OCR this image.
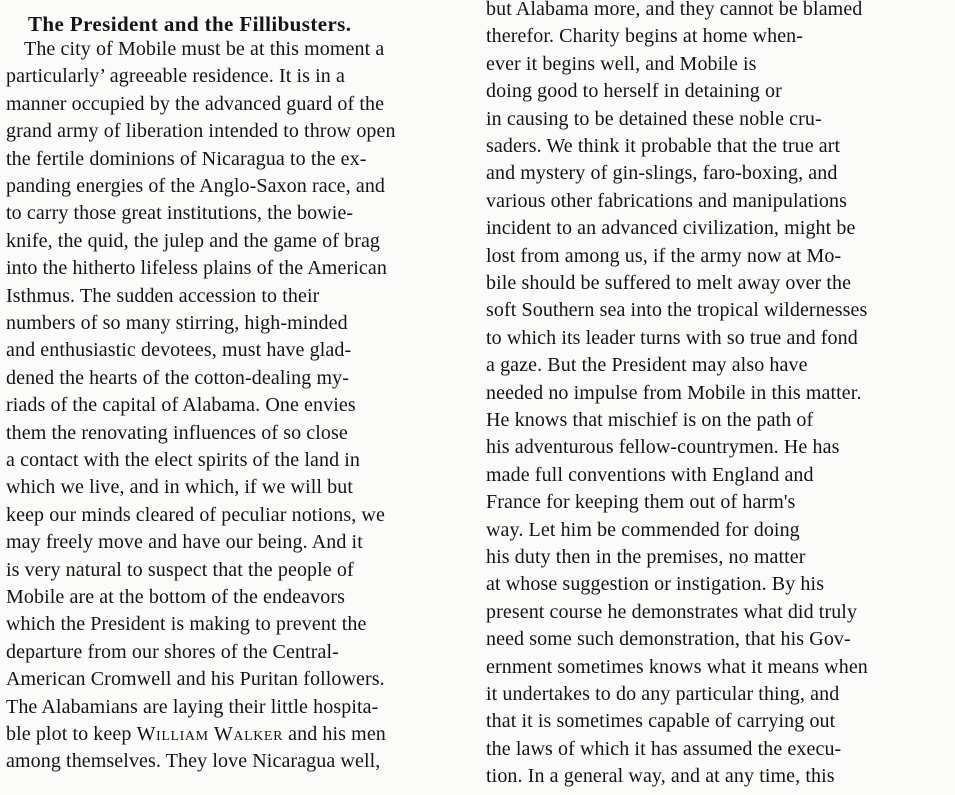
The President and the Fillibusters.
The city of Mobile must be at this moment a
particularly’ agreeable residence. It is in a
manner occupied by the advanced guard of the
grand army of liberation intended to throw open
the fertile dominions of Nicaragua to the ex-
panding energies of the Anglo-Saxon race, and
to carry those great institutions, the bowie-
knife, the quid, the julep and the game of brag
into the hitherto lifeless plains of the American
Isthmus. The sudden accession to their
numbers of so many stirring, high-minded
and enthusiastic devotees, must have glad-
dened the hearts of the cotton-dealing my-
riads of the capital of Alabama. One envies
them the renovating influences of so close
a contact with the elect spirits of the land in
which we live, and in which, if we will but
keep our minds cleared of peculiar notions, we
may freely move and have our being. And it
is very natural to suspect that the people of
Mobile are at the bottom of the endeavors
which the President is making to prevent the
departure from our shores of the Central-
American Cromwell and his Puritan followers.
The Alabamians are laying their little hospita-
ble plot to keep William Walker and his men
among themselves. They love Nicaragua well,
but Alabama more, and they cannot be blamed
therefor. Charity begins at home when-
ever it begins well, and Mobile is
doing good to herself in detaining or
in causing to be detained these noble cru-
saders. We think it probable that the true art
and mystery of gin-slings, faro-boxing, and
various other fabrications and manipulations
incident to an advanced civilization, might be
lost from among us, if the army now at Mo-
bile should be suffered to melt away over the
soft Southern sea into the tropical wildernesses
to which its leader turns with so true and fond
a gaze. But the President may also have
needed no impulse from Mobile in this matter.
He knows that mischief is on the path of
his adventurous fellow-countrymen. He has
made full conventions with England and
France for keeping them out of harm's
way. Let him be commended for doing
his duty then in the premises, no matter
at whose suggestion or instigation. By his
present course he demonstrates what did truly
need some such demonstration, that his Gov-
ernment sometimes knows what it means when
it undertakes to do any particular thing, and
that it is sometimes capable of carrying out
the laws of which it has assumed the execu-
tion. In a general way, and at any time, this
